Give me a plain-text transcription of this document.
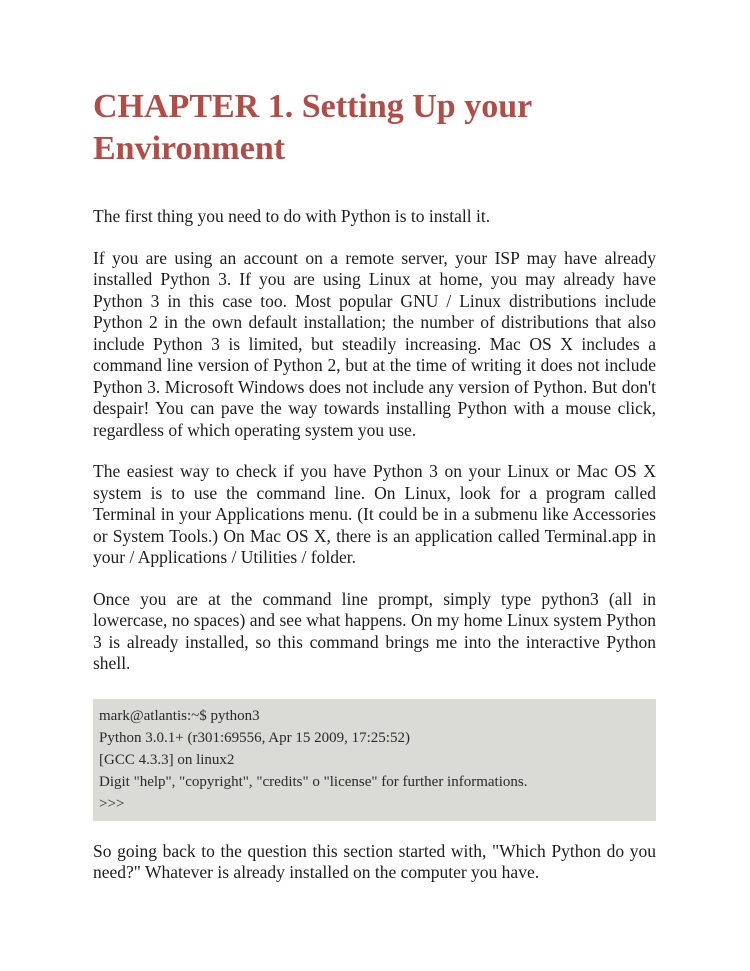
CHAPTER 1. Setting Up your Environment

The first thing you need to do with Python is to install it.

If you are using an account on a remote server, your ISP may have already installed Python 3. If you are using Linux at home, you may already have Python 3 in this case too. Most popular GNU / Linux distributions include Python 2 in the own default installation; the number of distributions that also include Python 3 is limited, but steadily increasing. Mac OS X includes a command line version of Python 2, but at the time of writing it does not include Python 3. Microsoft Windows does not include any version of Python. But don't despair! You can pave the way towards installing Python with a mouse click, regardless of which operating system you use.

The easiest way to check if you have Python 3 on your Linux or Mac OS X system is to use the command line. On Linux, look for a program called Terminal in your Applications menu. (It could be in a submenu like Accessories or System Tools.) On Mac OS X, there is an application called Terminal.app in your / Applications / Utilities / folder.

Once you are at the command line prompt, simply type python3 (all in lowercase, no spaces) and see what happens. On my home Linux system Python 3 is already installed, so this command brings me into the interactive Python shell.

mark@atlantis:~$ python3

Python 3.0.1+ (r301:69556, Apr 15 2009, 17:25:52)

[GCC 4.3.3] on linux2

Digit "help", "copyright", "credits" o "license" for further informations.

>>>

So going back to the question this section started with, "Which Python do you need?" Whatever is already installed on the computer you have.
